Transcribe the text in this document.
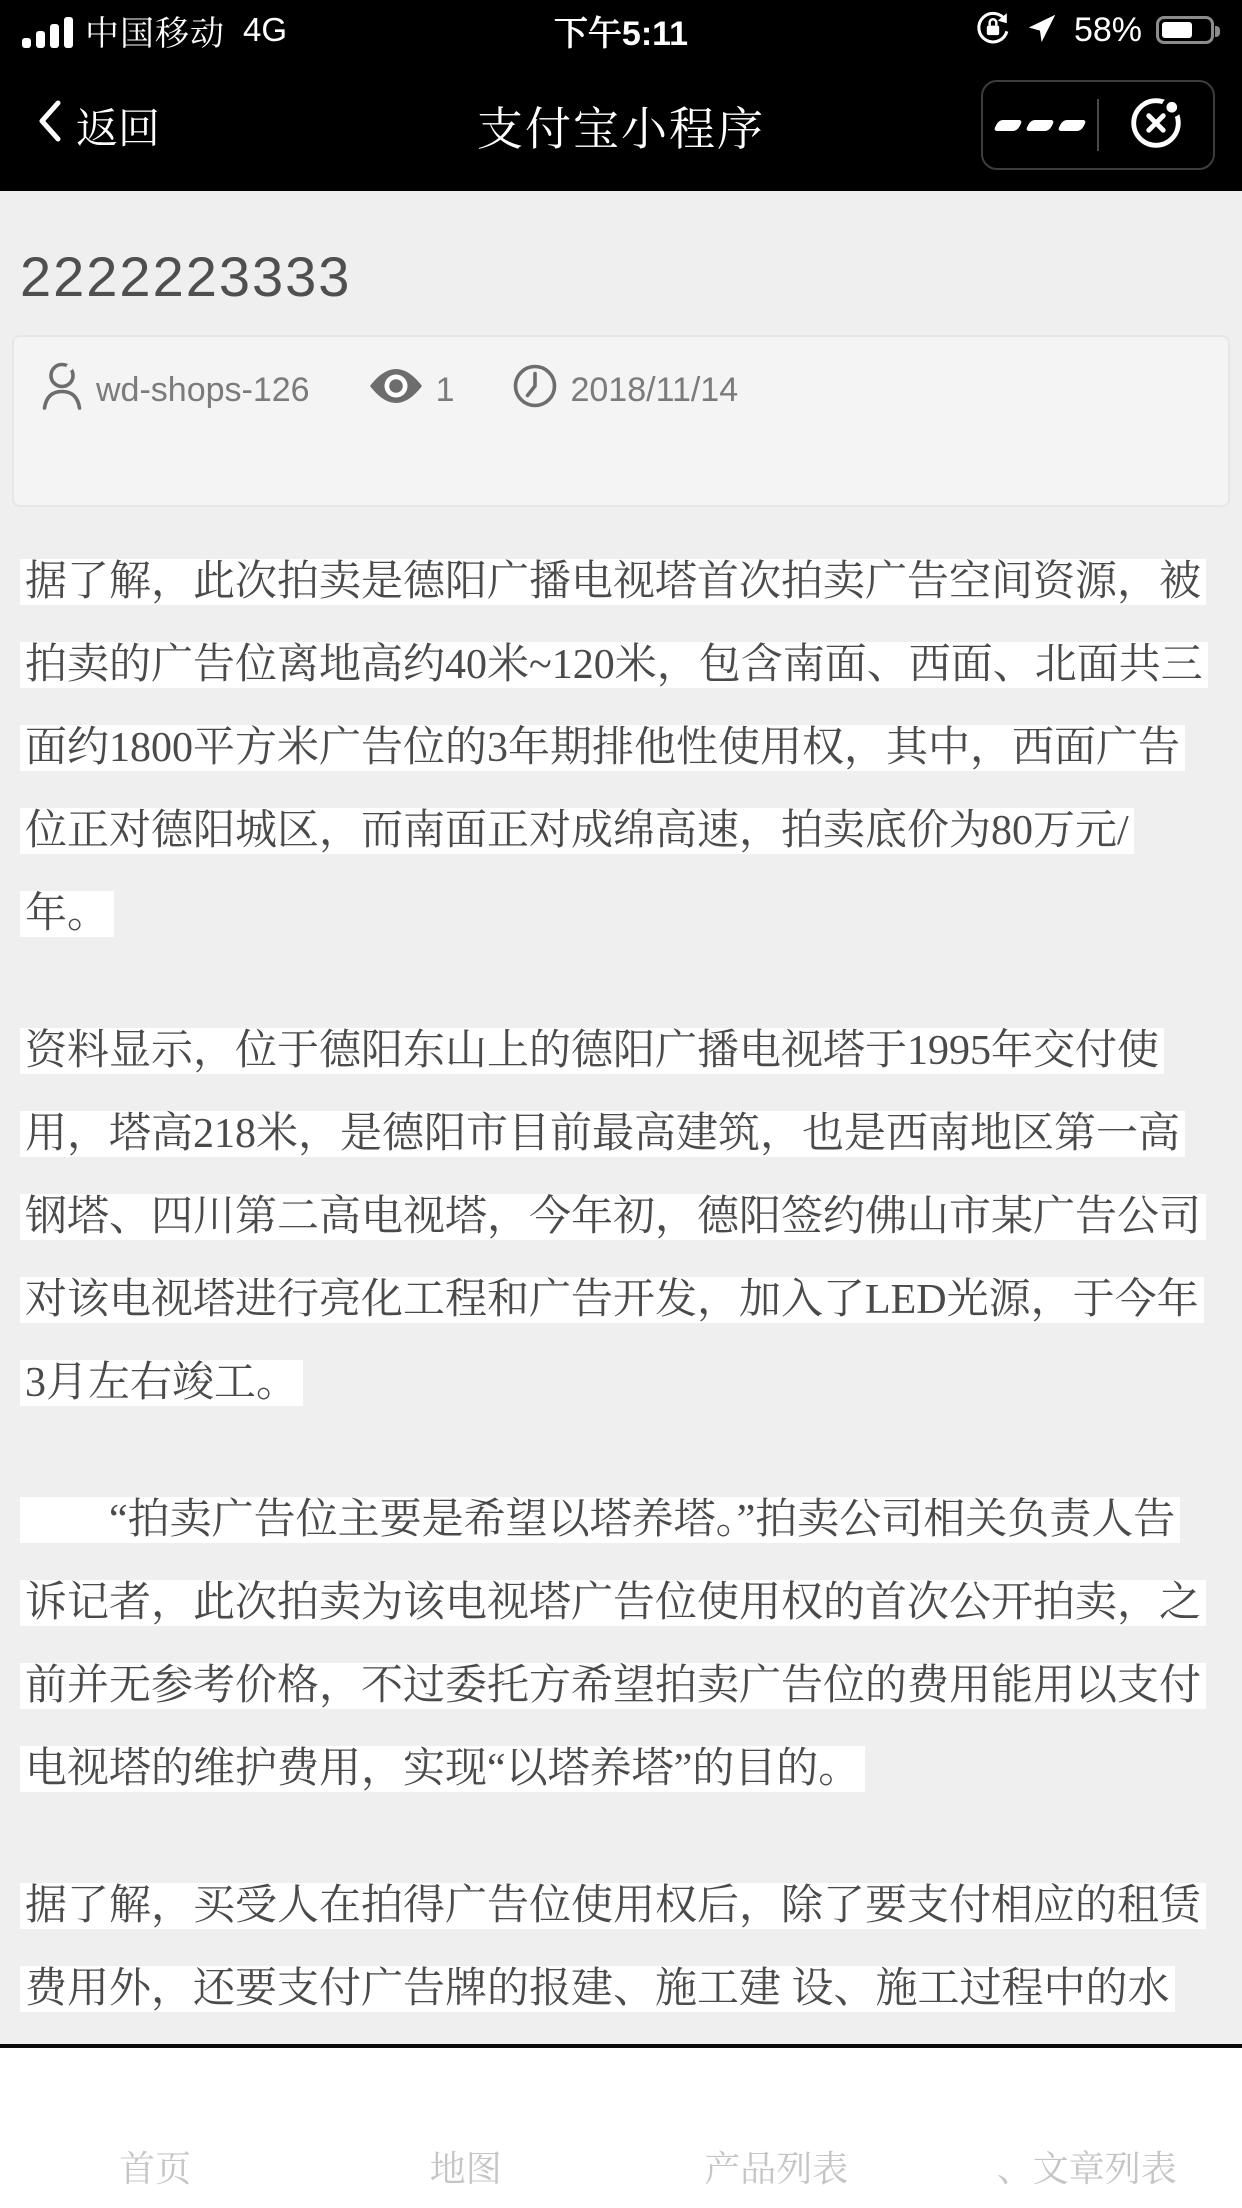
中国移动 4G	下午5:11	58%
返回	支付宝小程序
2222223333
wd-shops-126	1	2018/11/14
据了解，此次拍卖是德阳广播电视塔首次拍卖广告空间资源，被
拍卖的广告位离地高约40米~120米，包含南面、西面、北面共三
面约1800平方米广告位的3年期排他性使用权，其中，西面广告
位正对德阳城区，而南面正对成绵高速，拍卖底价为80万元/
年。
资料显示，位于德阳东山上的德阳广播电视塔于1995年交付使
用，塔高218米，是德阳市目前最高建筑，也是西南地区第一高
钢塔、四川第二高电视塔，今年初，德阳签约佛山市某广告公司
对该电视塔进行亮化工程和广告开发，加入了LED光源，于今年
3月左右竣工。
　　“拍卖广告位主要是希望以塔养塔。”拍卖公司相关负责人告
诉记者，此次拍卖为该电视塔广告位使用权的首次公开拍卖，之
前并无参考价格，不过委托方希望拍卖广告位的费用能用以支付
电视塔的维护费用，实现“以塔养塔”的目的。
据了解，买受人在拍得广告位使用权后，除了要支付相应的租赁
费用外，还要支付广告牌的报建、施工建 设、施工过程中的水
首页	地图	产品列表	、文章列表
